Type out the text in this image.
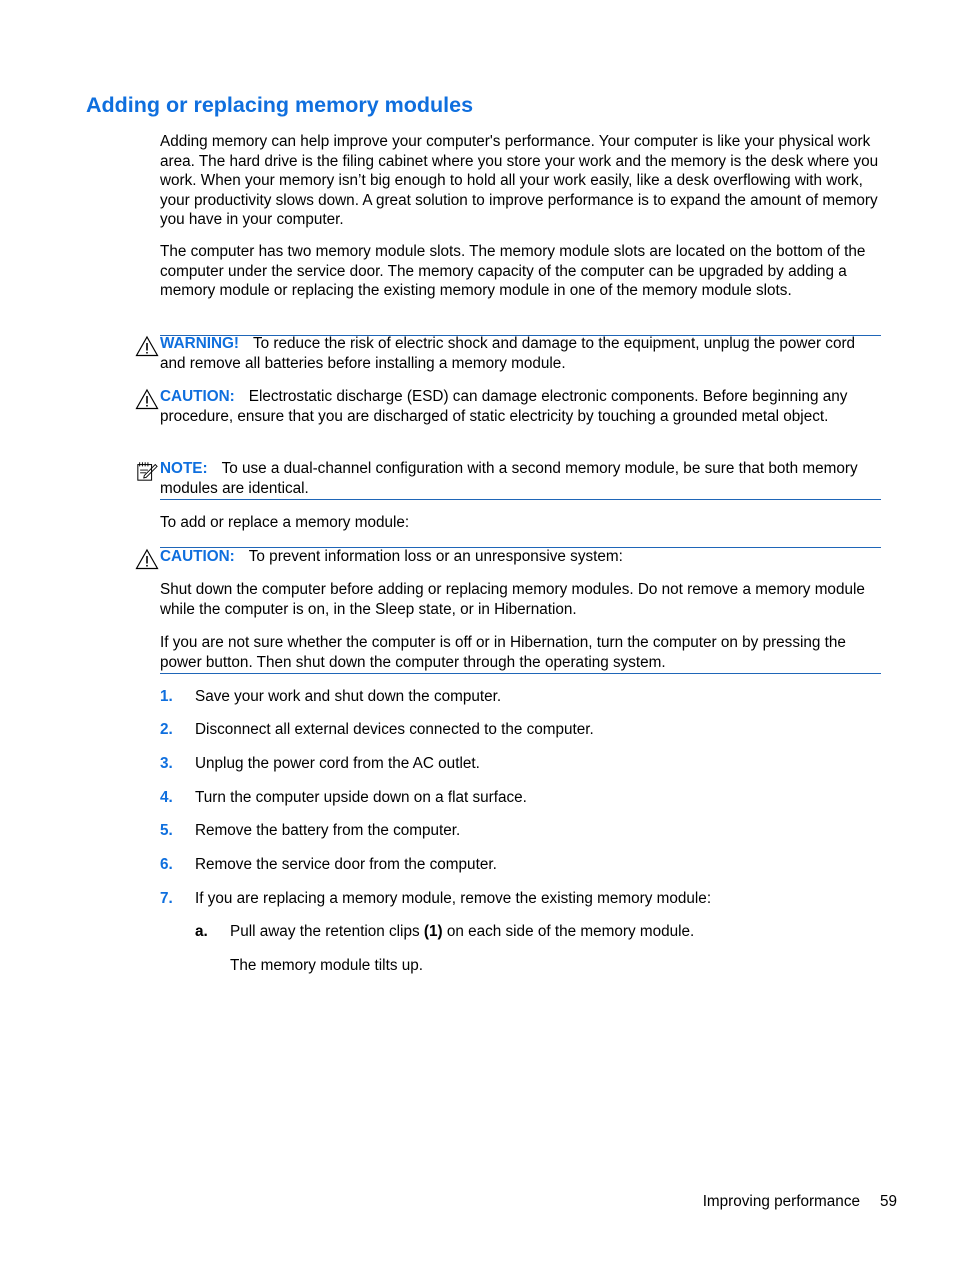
Adding or replacing memory modules

Adding memory can help improve your computer's performance. Your computer is like your physical work area. The hard drive is the filing cabinet where you store your work and the memory is the desk where you work. When your memory isn’t big enough to hold all your work easily, like a desk overflowing with work, your productivity slows down. A great solution to improve performance is to expand the amount of memory you have in your computer.

The computer has two memory module slots. The memory module slots are located on the bottom of the computer under the service door. The memory capacity of the computer can be upgraded by adding a memory module or replacing the existing memory module in one of the memory module slots.

WARNING! To reduce the risk of electric shock and damage to the equipment, unplug the power cord and remove all batteries before installing a memory module.

CAUTION: Electrostatic discharge (ESD) can damage electronic components. Before beginning any procedure, ensure that you are discharged of static electricity by touching a grounded metal object.

NOTE: To use a dual-channel configuration with a second memory module, be sure that both memory modules are identical.

To add or replace a memory module:

CAUTION: To prevent information loss or an unresponsive system:

Shut down the computer before adding or replacing memory modules. Do not remove a memory module while the computer is on, in the Sleep state, or in Hibernation.

If you are not sure whether the computer is off or in Hibernation, turn the computer on by pressing the power button. Then shut down the computer through the operating system.

1. Save your work and shut down the computer.
2. Disconnect all external devices connected to the computer.
3. Unplug the power cord from the AC outlet.
4. Turn the computer upside down on a flat surface.
5. Remove the battery from the computer.
6. Remove the service door from the computer.
7. If you are replacing a memory module, remove the existing memory module:
a. Pull away the retention clips (1) on each side of the memory module.
The memory module tilts up.
Improving performance 59
